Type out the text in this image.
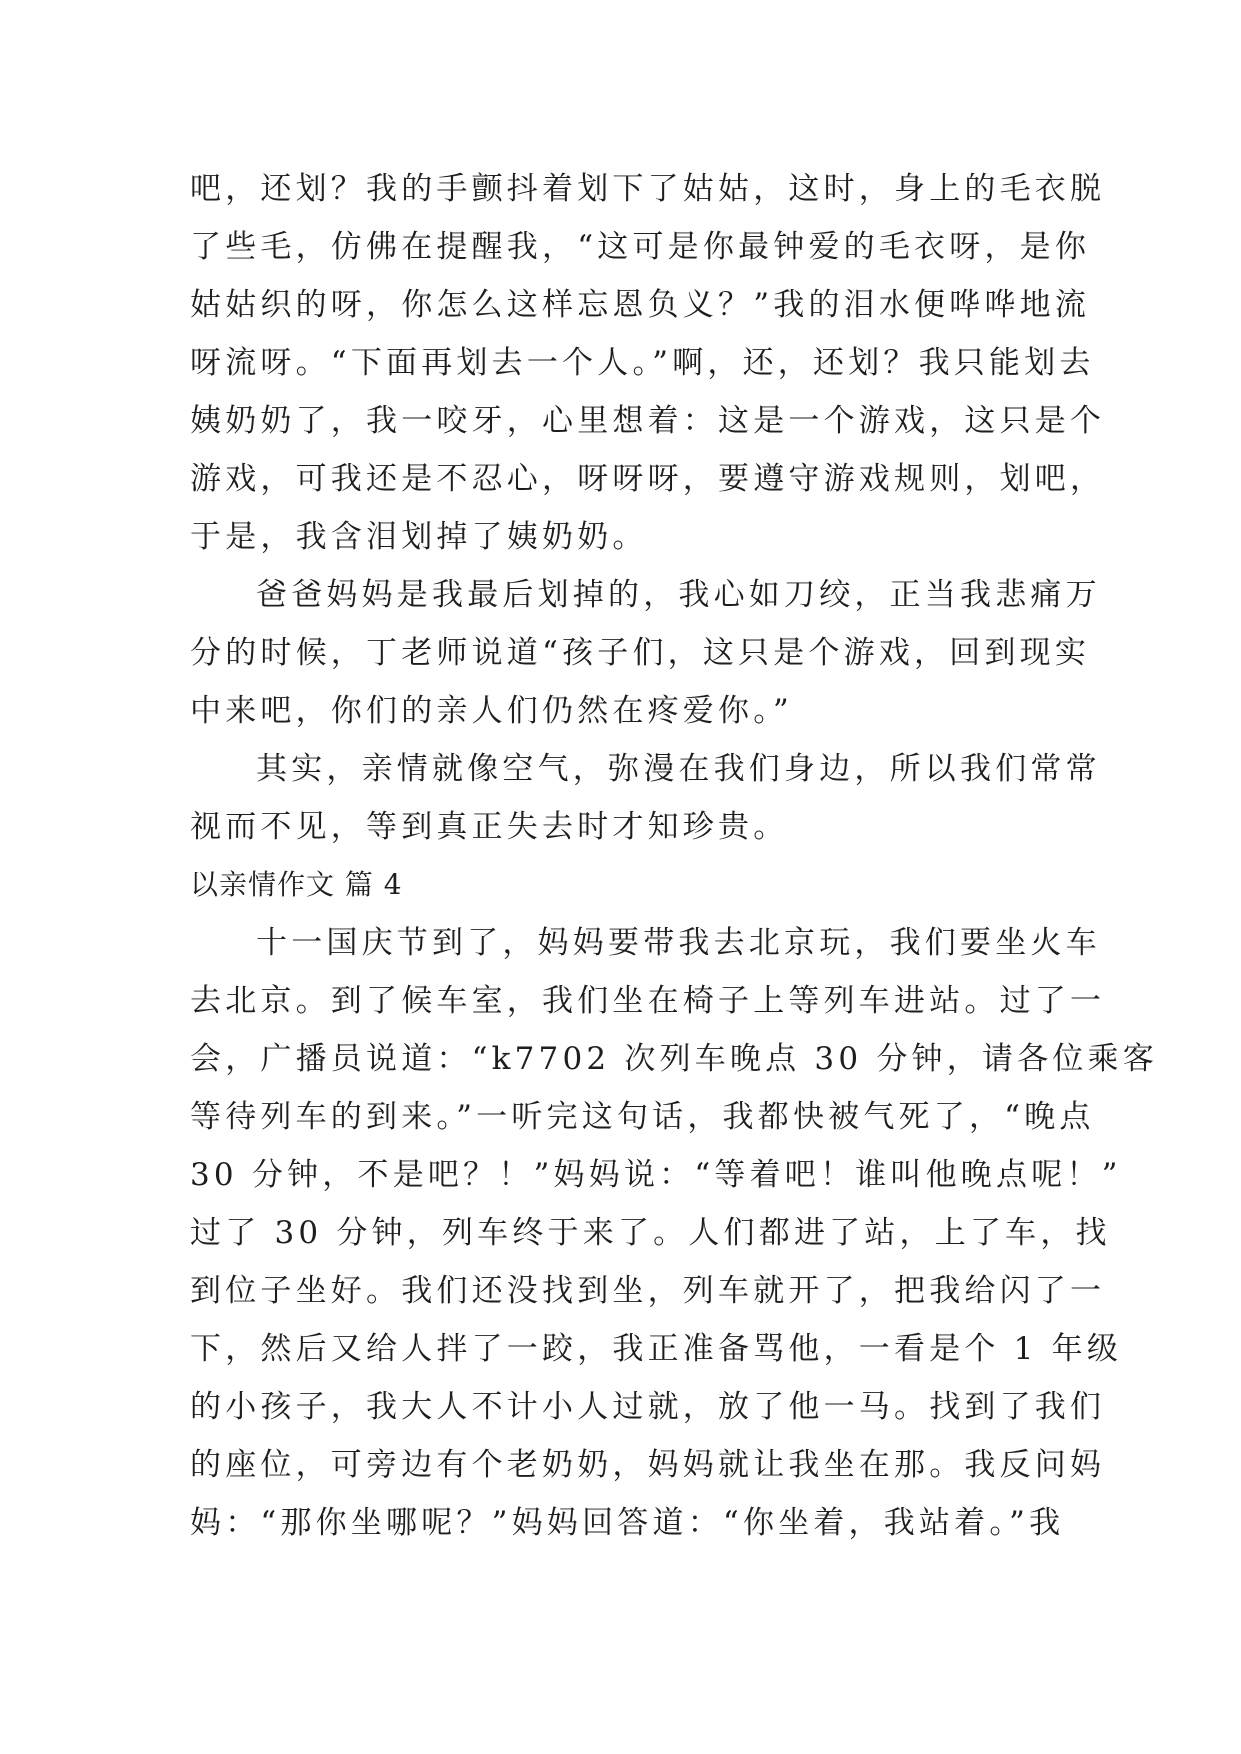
吧，还划？我的手颤抖着划下了姑姑，这时，身上的毛衣脱
了些毛，仿佛在提醒我，“这可是你最钟爱的毛衣呀，是你
姑姑织的呀，你怎么这样忘恩负义？”我的泪水便哗哗地流
呀流呀。“下面再划去一个人。”啊，还，还划？我只能划去
姨奶奶了，我一咬牙，心里想着：这是一个游戏，这只是个
游戏，可我还是不忍心，呀呀呀，要遵守游戏规则，划吧，
于是，我含泪划掉了姨奶奶。
爸爸妈妈是我最后划掉的，我心如刀绞，正当我悲痛万
分的时候，丁老师说道“孩子们，这只是个游戏，回到现实
中来吧，你们的亲人们仍然在疼爱你。”
其实，亲情就像空气，弥漫在我们身边，所以我们常常
视而不见，等到真正失去时才知珍贵。
以亲情作文 篇 4
十一国庆节到了，妈妈要带我去北京玩，我们要坐火车
去北京。到了候车室，我们坐在椅子上等列车进站。过了一
会，广播员说道：“k7702 次列车晚点 30 分钟，请各位乘客
等待列车的到来。”一听完这句话，我都快被气死了，“晚点
30 分钟，不是吧？！”妈妈说：“等着吧！谁叫他晚点呢！”
过了 30 分钟，列车终于来了。人们都进了站，上了车，找
到位子坐好。我们还没找到坐，列车就开了，把我给闪了一
下，然后又给人拌了一跤，我正准备骂他，一看是个 1 年级
的小孩子，我大人不计小人过就，放了他一马。找到了我们
的座位，可旁边有个老奶奶，妈妈就让我坐在那。我反问妈
妈：“那你坐哪呢？”妈妈回答道：“你坐着，我站着。”我
